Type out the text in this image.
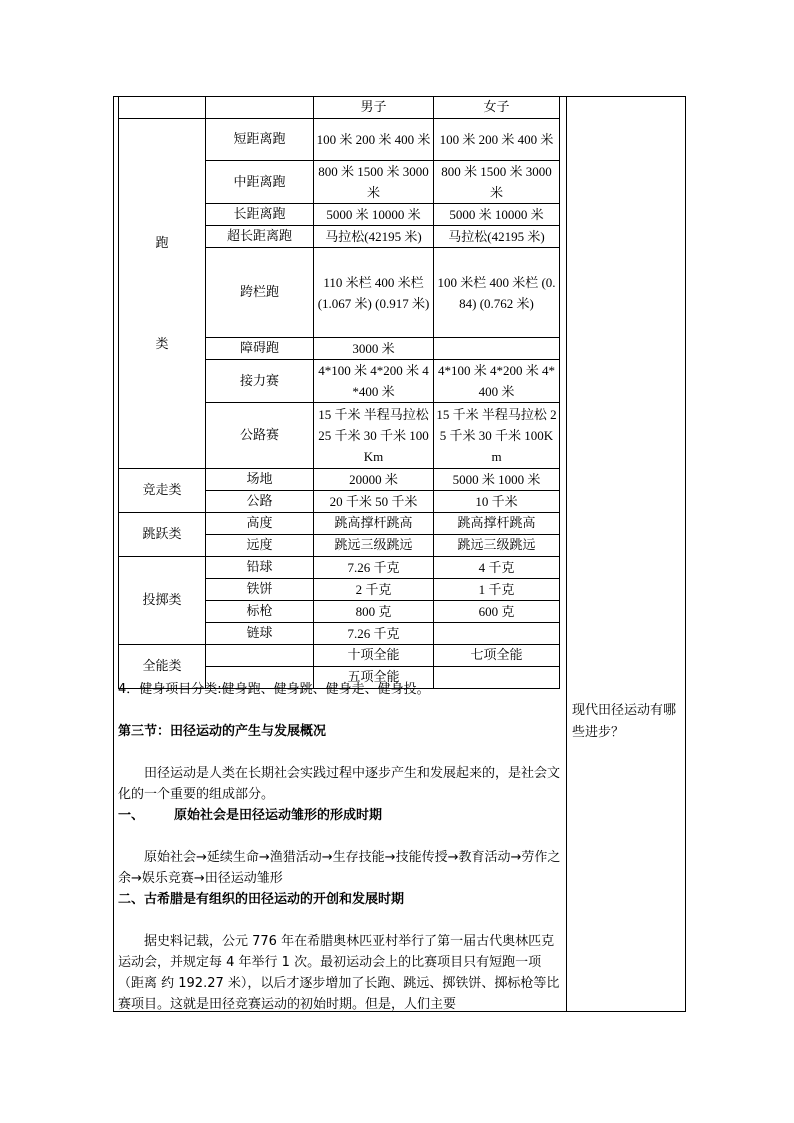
现代田径运动有哪些进步？
		男子	女子

跑
类	短距离跑	100 米 200 米 400 米	100 米 200 米 400 米
	中距离跑	800 米 1500 米 3000 米	800 米 1500 米 3000 米
	长距离跑	5000 米 10000 米	5000 米 10000 米
	超长距离跑	马拉松(42195 米)	马拉松(42195 米)
	跨栏跑	110 米栏 400 米栏 (1.067 米) (0.917 米)	100 米栏 400 米栏 (0.84) (0.762 米)
	障碍跑	3000 米	
	接力赛	4*100 米 4*200 米 4*400 米	4*100 米 4*200 米 4*400 米
	公路赛	15 千米 半程马拉松 25 千米 30 千米 100Km	15 千米 半程马拉松 25 千米 30 千米 100Km
竞走类	场地	20000 米	5000 米 1000 米
	公路	20 千米 50 千米	10 千米
跳跃类	高度	跳高撑杆跳高	跳高撑杆跳高
	远度	跳远三级跳远	跳远三级跳远
投掷类	铅球	7.26 千克	4 千克
	铁饼	2 千克	1 千克
	标枪	800 克	600 克
	链球	7.26 千克	
全能类		十项全能	七项全能
		五项全能	

4．健身项目分类:健身跑、健身跳、健身走、健身投。

第三节：田径运动的产生与发展概况

田径运动是人类在长期社会实践过程中逐步产生和发展起来的，是社会文化的一个重要的组成部分。

一、 原始社会是田径运动雏形的形成时期

原始社会→延续生命→渔猎活动→生存技能→技能传授→教育活动→劳作之余→娱乐竞赛→田径运动雏形

二、古希腊是有组织的田径运动的开创和发展时期

据史料记载，公元 776 年在希腊奥林匹亚村举行了第一届古代奥林匹克运动会，并规定每 4 年举行 1 次。最初运动会上的比赛项目只有短跑一项（距离 约 192.27 米），以后才逐步增加了长跑、跳远、掷铁饼、掷标枪等比赛项目。这就是田径竞赛运动的初始时期。但是，人们主要
